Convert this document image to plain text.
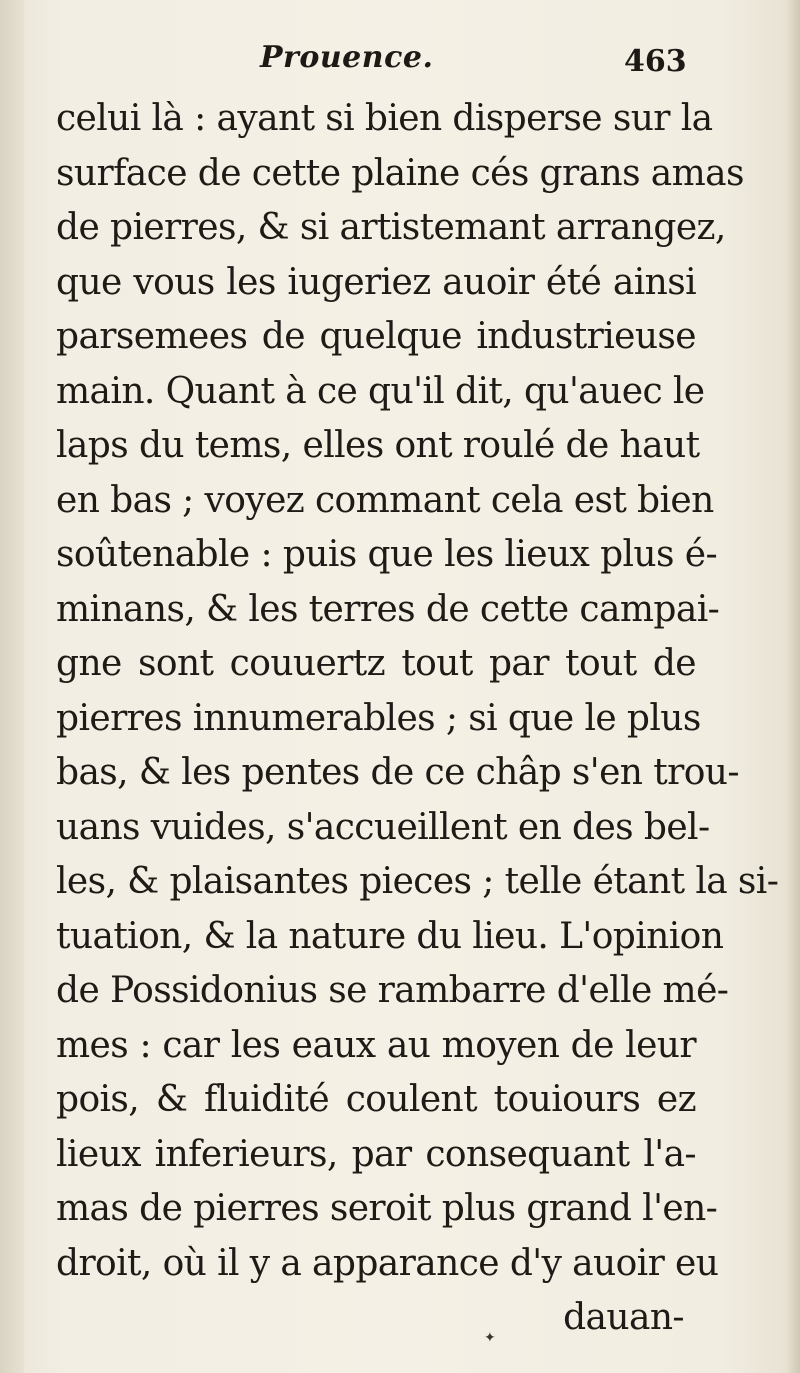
Prouence.	463
celui là : ayant si bien disperse sur la
surface de cette plaine cés grans amas
de pierres, & si artistemant arrangez,
que vous les iugeriez auoir été ainsi
parsemees de quelque industrieuse
main. Quant à ce qu'il dit, qu'auec le
laps du tems, elles ont roulé de haut
en bas ; voyez commant cela est bien
soûtenable : puis que les lieux plus é-
minans, & les terres de cette campai-
gne sont couuertz tout par tout de
pierres innumerables ; si que le plus
bas, & les pentes de ce châp s'en trou-
uans vuides, s'accueillent en des bel-
les, & plaisantes pieces ; telle étant la si-
tuation, & la nature du lieu. L'opinion
de Possidonius se rambarre d'elle mé-
mes : car les eaux au moyen de leur
pois, & fluidité coulent touiours ez
lieux inferieurs, par consequant l'a-
mas de pierres seroit plus grand l'en-
droit, où il y a apparance d'y auoir eu
dauan-
✦
